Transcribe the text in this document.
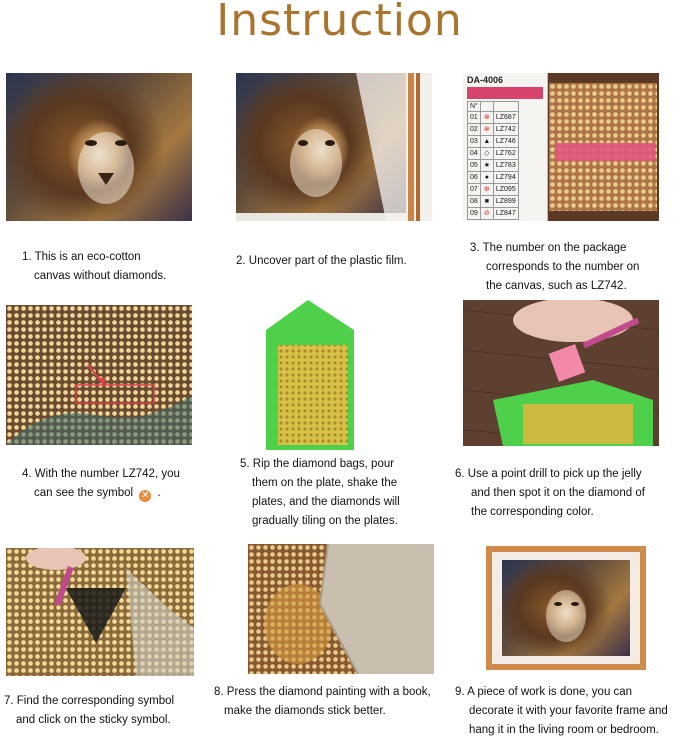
Instruction
DA-4006
N°		
01	⊗	LZ687
02	⊗	LZ742
03	▲	LZ746
04	◇	LZ762
05	★	LZ783
06	●	LZ794
07	⊕	LZ095
08	■	LZ899
09	⊘	LZ847
1. This is an eco-cotton
canvas without diamonds.
2. Uncover part of the plastic film.
3. The number on the package
corresponds to the number on
the canvas, such as LZ742.
4. With the number LZ742, you
can see the symbol ✕ .
5. Rip the diamond bags, pour
them on the plate, shake the
plates, and the diamonds will
gradually tiling on the plates.
6. Use a point drill to pick up the jelly
and then spot it on the diamond of
the corresponding color.
7. Find the corresponding symbol
and click on the sticky symbol.
8. Press the diamond painting with a book,
make the diamonds stick better.
9. A piece of work is done, you can
decorate it with your favorite frame and
hang it in the living room or bedroom.
